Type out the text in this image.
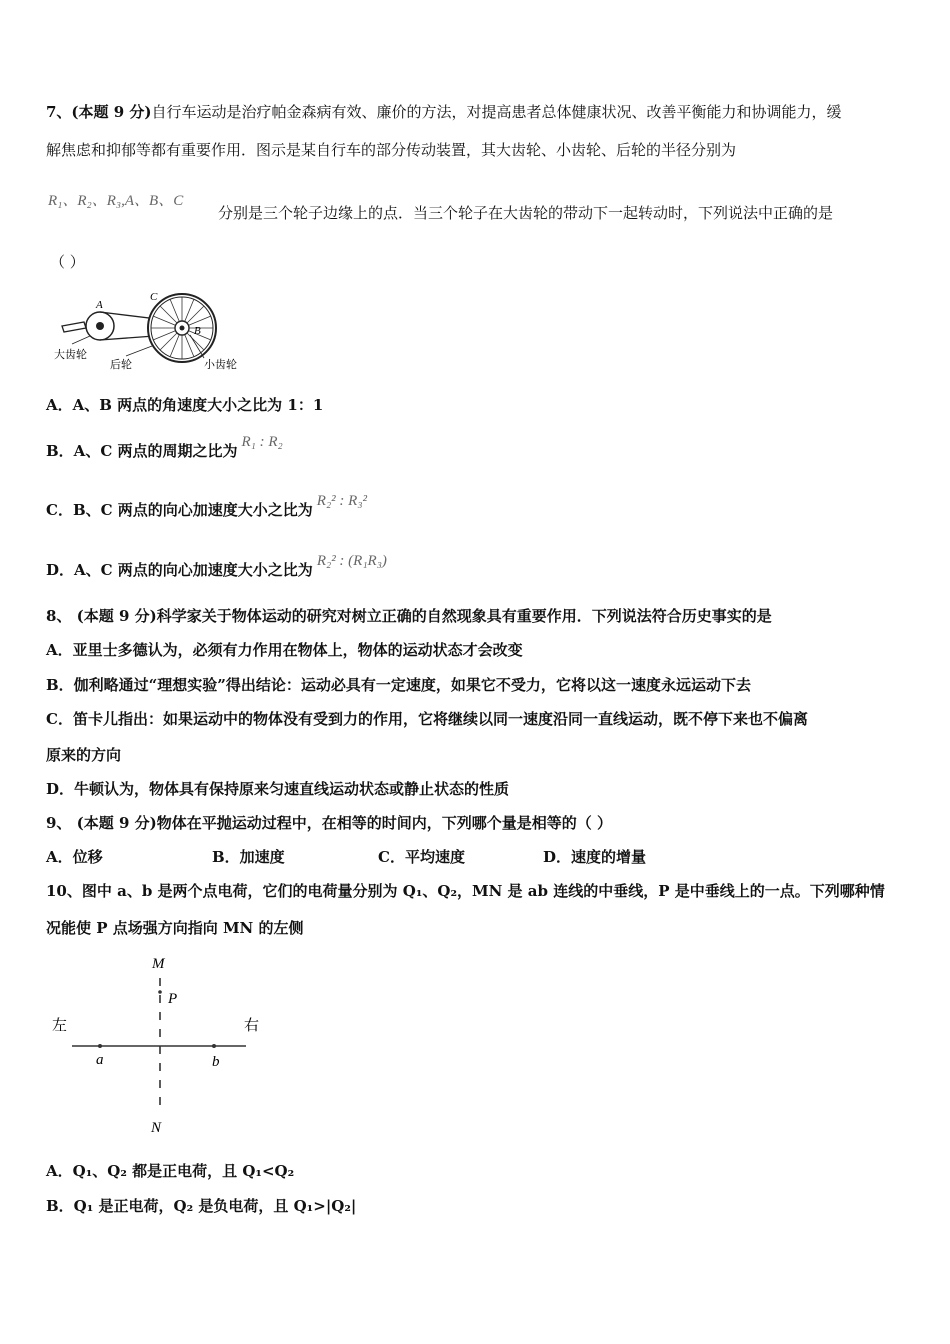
7、(本题 9 分)自行车运动是治疗帕金森病有效、廉价的方法，对提高患者总体健康状况、改善平衡能力和协调能力，缓
解焦虑和抑郁等都有重要作用．图示是某自行车的部分传动装置，其大齿轮、小齿轮、后轮的半径分别为
R₁、R₂、R₃,A、B、C
分别是三个轮子边缘上的点．当三个轮子在大齿轮的带动下一起转动时，下列说法中正确的是
（ ）
A
C
B
大齿轮
后轮	小齿轮
A．A、B 两点的角速度大小之比为 1：1
B．A、C 两点的周期之比为 R₁ : R₂
C．B、C 两点的向心加速度大小之比为 R₂² : R₃²
D．A、C 两点的向心加速度大小之比为 R₂² : (R₁R₃)
8、 (本题 9 分)科学家关于物体运动的研究对树立正确的自然现象具有重要作用．下列说法符合历史事实的是
A．亚里士多德认为，必须有力作用在物体上，物体的运动状态才会改变
B．伽利略通过“理想实验”得出结论：运动必具有一定速度，如果它不受力，它将以这一速度永远运动下去
C．笛卡儿指出：如果运动中的物体没有受到力的作用，它将继续以同一速度沿同一直线运动，既不停下来也不偏离
原来的方向
D．牛顿认为，物体具有保持原来匀速直线运动状态或静止状态的性质
9、 (本题 9 分)物体在平抛运动过程中，在相等的时间内，下列哪个量是相等的（ ）
A．位移	B．加速度	C．平均速度	D．速度的增量
10、图中 a、b 是两个点电荷，它们的电荷量分别为 Q₁、Q₂，MN 是 ab 连线的中垂线，P 是中垂线上的一点。下列哪种情
况能使 P 点场强方向指向 MN 的左侧
M
P
左	右
a	b
N
A．Q₁、Q₂ 都是正电荷，且 Q₁<Q₂
B．Q₁ 是正电荷，Q₂ 是负电荷，且 Q₁>|Q₂|
